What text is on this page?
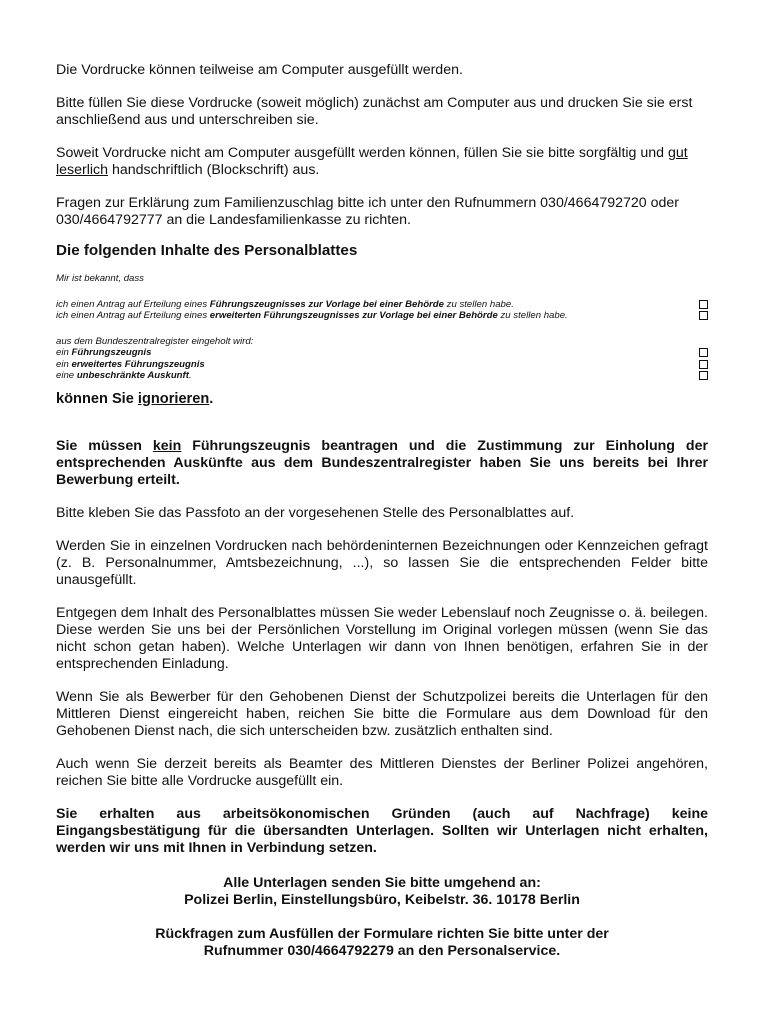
Die Vordrucke können teilweise am Computer ausgefüllt werden.

Bitte füllen Sie diese Vordrucke (soweit möglich) zunächst am Computer aus und drucken Sie sie erst anschließend aus und unterschreiben sie.

Soweit Vordrucke nicht am Computer ausgefüllt werden können, füllen Sie sie bitte sorgfältig und gut leserlich handschriftlich (Blockschrift) aus.

Fragen zur Erklärung zum Familienzuschlag bitte ich unter den Rufnummern 030/4664792720 oder 030/4664792777 an die Landesfamilienkasse zu richten.

Die folgenden Inhalte des Personalblattes
Mir ist bekannt, dass
ich einen Antrag auf Erteilung eines Führungszeugnisses zur Vorlage bei einer Behörde zu stellen habe.
ich einen Antrag auf Erteilung eines erweiterten Führungszeugnisses zur Vorlage bei einer Behörde zu stellen habe.
aus dem Bundeszentralregister eingeholt wird:
ein Führungszeugnis
ein erweitertes Führungszeugnis
eine unbeschränkte Auskunft.

können Sie ignorieren.

Sie müssen kein Führungszeugnis beantragen und die Zustimmung zur Einholung der entsprechenden Auskünfte aus dem Bundeszentralregister haben Sie uns bereits bei Ihrer Bewerbung erteilt.

Bitte kleben Sie das Passfoto an der vorgesehenen Stelle des Personalblattes auf.

Werden Sie in einzelnen Vordrucken nach behördeninternen Bezeichnungen oder Kennzeichen gefragt (z. B. Personalnummer, Amtsbezeichnung, ...), so lassen Sie die entsprechenden Felder bitte unausgefüllt.

Entgegen dem Inhalt des Personalblattes müssen Sie weder Lebenslauf noch Zeugnisse o. ä. beilegen. Diese werden Sie uns bei der Persönlichen Vorstellung im Original vorlegen müssen (wenn Sie das nicht schon getan haben). Welche Unterlagen wir dann von Ihnen benötigen, erfahren Sie in der entsprechenden Einladung.

Wenn Sie als Bewerber für den Gehobenen Dienst der Schutzpolizei bereits die Unterlagen für den Mittleren Dienst eingereicht haben, reichen Sie bitte die Formulare aus dem Download für den Gehobenen Dienst nach, die sich unterscheiden bzw. zusätzlich enthalten sind.

Auch wenn Sie derzeit bereits als Beamter des Mittleren Dienstes der Berliner Polizei angehören, reichen Sie bitte alle Vordrucke ausgefüllt ein.

Sie erhalten aus arbeitsökonomischen Gründen (auch auf Nachfrage) keine Eingangsbestätigung für die übersandten Unterlagen. Sollten wir Unterlagen nicht erhalten, werden wir uns mit Ihnen in Verbindung setzen.

Alle Unterlagen senden Sie bitte umgehend an:

Polizei Berlin, Einstellungsbüro, Keibelstr. 36. 10178 Berlin

Rückfragen zum Ausfüllen der Formulare richten Sie bitte unter der

Rufnummer 030/4664792279 an den Personalservice.
